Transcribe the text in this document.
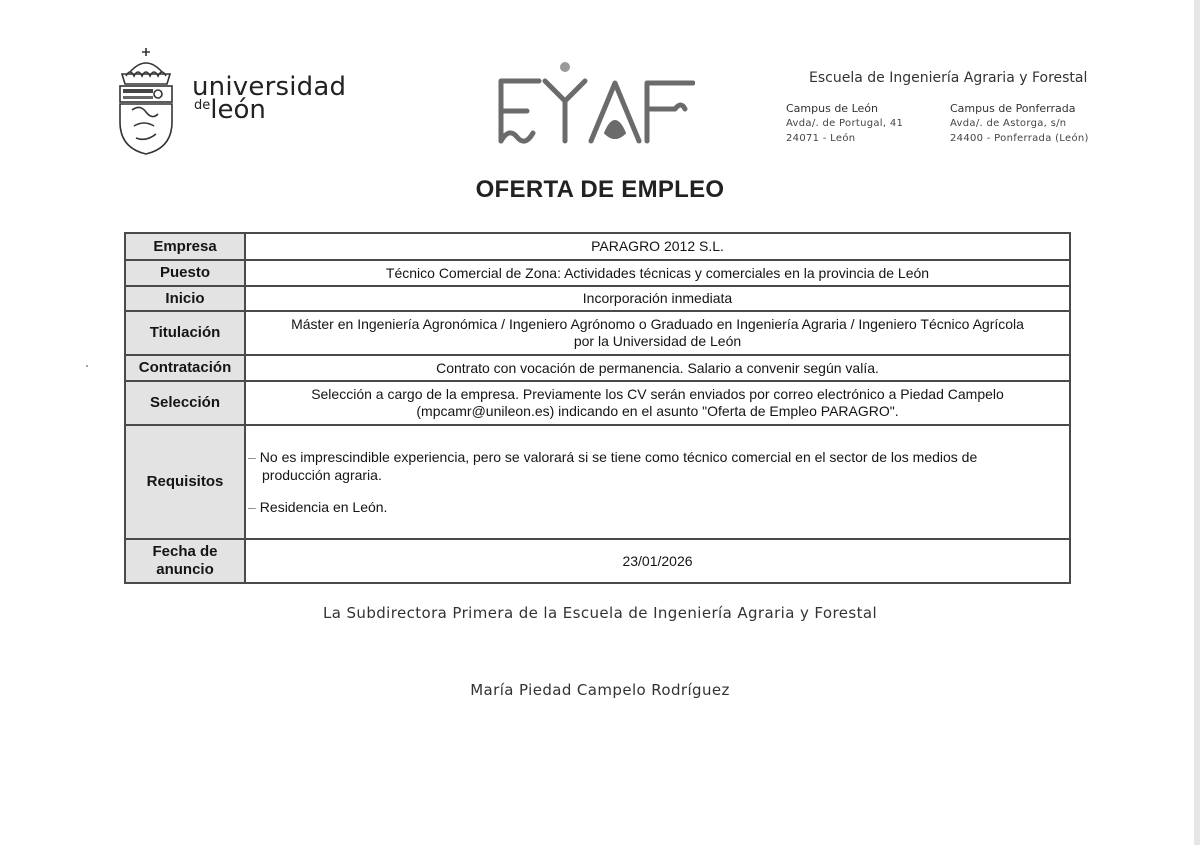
universidad
$^{de}$león
Escuela de Ingeniería Agraria y Forestal
Campus de León
Avda/. de Portugal, 41
24071 - León
Campus de Ponferrada
Avda/. de Astorga, s/n
24400 - Ponferrada (León)
OFERTA DE EMPLEO
Empresa	PARAGRO 2012 S.L.
Puesto	Técnico Comercial de Zona: Actividades técnicas y comerciales en la provincia de León
Inicio	Incorporación inmediata
Titulación	Máster en Ingeniería Agronómica / Ingeniero Agrónomo o Graduado en Ingeniería Agraria / Ingeniero Técnico Agrícola
por la Universidad de León

Contratación	Contrato con vocación de permanencia. Salario a convenir según valía.
Selección	Selección a cargo de la empresa. Previamente los CV serán enviados por correo electrónico a Piedad Campelo
(mpcamr@unileon.es) indicando en el asunto "Oferta de Empleo PARAGRO".

Requisitos	– No es imprescindible experiencia, pero se valorará si se tiene como técnico comercial en el sector de los medios de

producción agraria.

– Residencia en León.

Fecha de
anuncio	23/01/2026
La Subdirectora Primera de la Escuela de Ingeniería Agraria y Forestal
María Piedad Campelo Rodríguez
